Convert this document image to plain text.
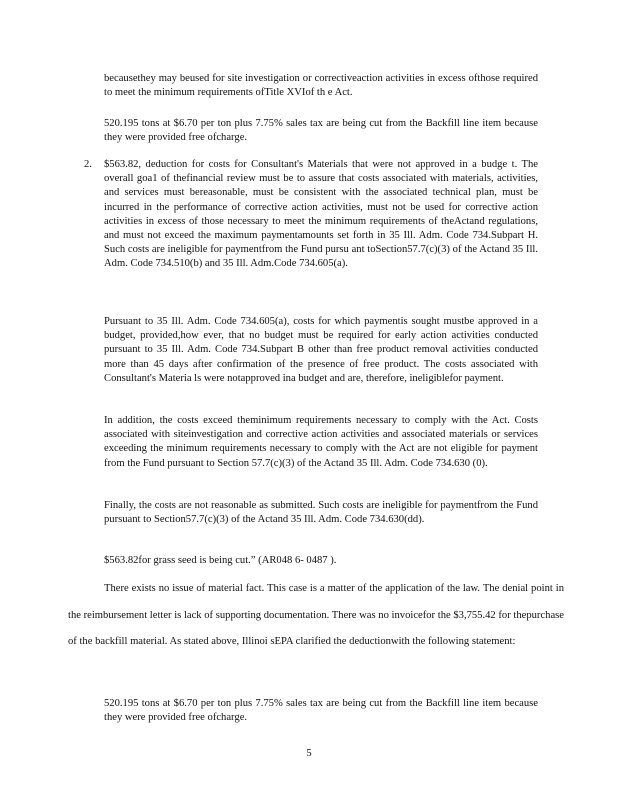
becausethey may beused for site investigation or correctiveaction activities in excess ofthose required to meet the minimum requirements ofTitle XVIof th e Act.

520.195 tons at $6.70 per ton plus 7.75% sales tax are being cut from the Backfill line item because they were provided free ofcharge.

2. $563.82, deduction for costs for Consultant's Materials that were not approved in a budge t. The overall goa1 of thefinancial review must be to assure that costs associated with materials, activities, and services must bereasonable, must be consistent with the associated technical plan, must be incurred in the performance of corrective action activities, must not be used for corrective action activities in excess of those necessary to meet the minimum requirements of theActand regulations, and must not exceed the maximum paymentamounts set forth in 35 Ill. Adm. Code 734.Subpart H. Such costs are ineligible for paymentfrom the Fund pursu ant toSection57.7(c)(3) of the Actand 35 Ill. Adm. Code 734.510(b) and 35 Ill. Adm.Code 734.605(a).

Pursuant to 35 Ill. Adm. Code 734.605(a), costs for which paymentis sought mustbe approved in a budget, provided,how ever, that no budget must be required for early action activities conducted pursuant to 35 Ill. Adm. Code 734.Subpart B other than free product removal activities conducted more than 45 days after confirmation of the presence of free product. The costs associated with Consultant's Materia ls were notapproved ina budget and are, therefore, ineligiblefor payment.

In addition, the costs exceed theminimum requirements necessary to comply with the Act. Costs associated with siteinvestigation and corrective action activities and associated materials or services exceeding the minimum requirements necessary to comply with the Act are not eligible for payment from the Fund pursuant to Section 57.7(c)(3) of the Actand 35 Ill. Adm. Code 734.630 (0).

Finally, the costs are not reasonable as submitted. Such costs are ineligible for paymentfrom the Fund pursuant to Section57.7(c)(3) of the Actand 35 Ill. Adm. Code 734.630(dd).

$563.82for grass seed is being cut.” (AR048 6- 0487 ).

There exists no issue of material fact. This case is a matter of the application of the law. The denial point in the reimbursement letter is lack of supporting documentation. There was no invoicefor the $3,755.42 for thepurchase of the backfill material. As stated above, Illinoi sEPA clarified the deductionwith the following statement:

520.195 tons at $6.70 per ton plus 7.75% sales tax are being cut from the Backfill line item because they were provided free ofcharge.

5
